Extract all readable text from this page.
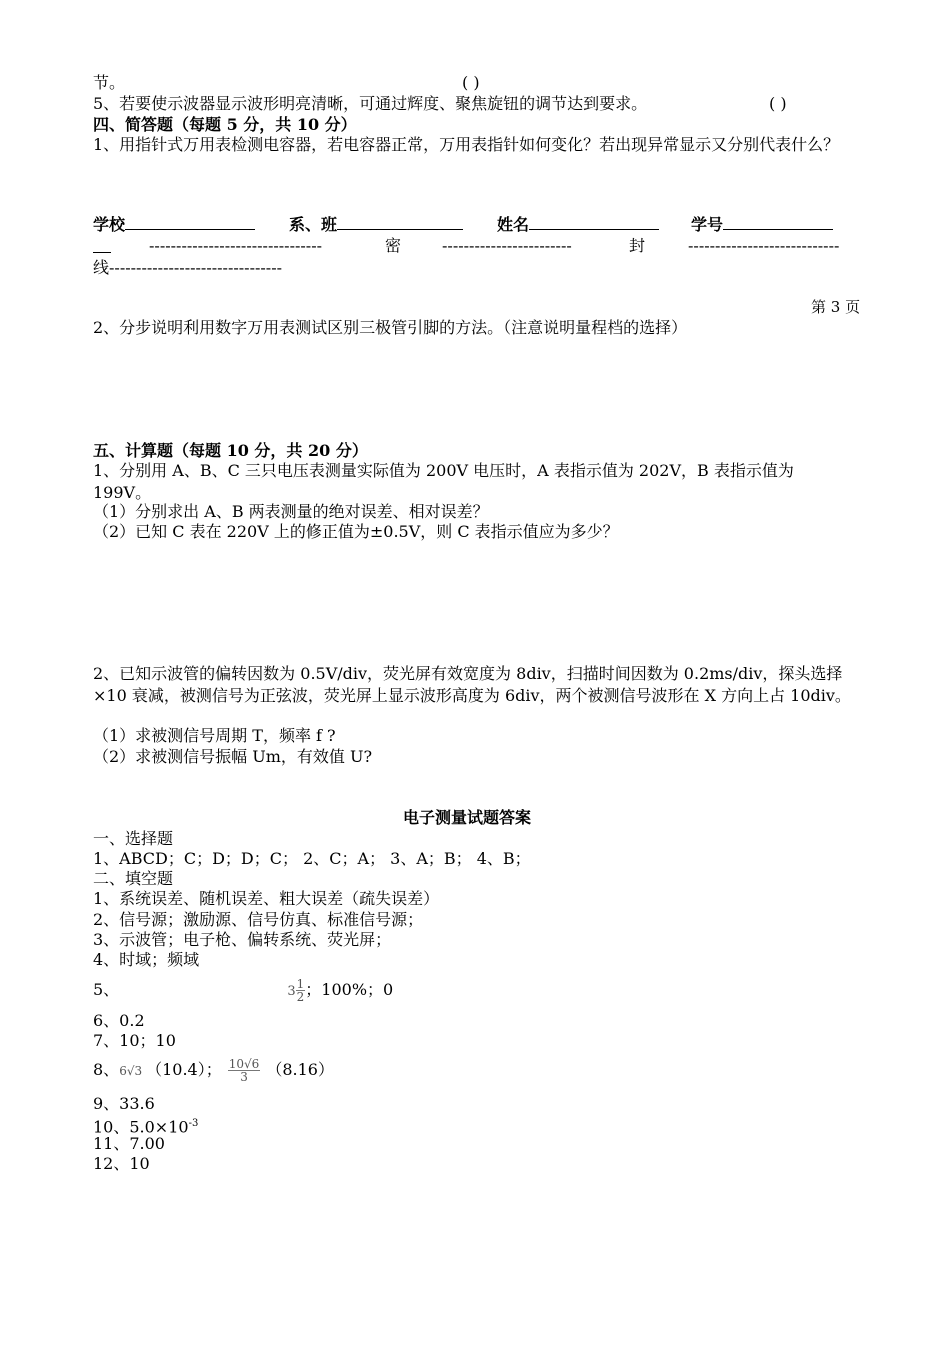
节。	( )
5、若要使示波器显示波形明亮清晰，可通过辉度、聚焦旋钮的调节达到要求。	( )
四、简答题（每题 5 分，共 10 分）
1、用指针式万用表检测电容器，若电容器正常，万用表指针如何变化？若出现异常显示又分别代表什么？
学校	系、班	姓名	学号
--------------------------------	密	------------------------	封	----------------------------
线--------------------------------
第 3 页
2、分步说明利用数字万用表测试区别三极管引脚的方法。（注意说明量程档的选择）
五、计算题（每题 10 分，共 20 分）
1、分别用 A、B、C 三只电压表测量实际值为 200V 电压时，A 表指示值为 202V，B 表指示值为 199V。
（1）分别求出 A、B 两表测量的绝对误差、相对误差？
（2）已知 C 表在 220V 上的修正值为±0.5V，则 C 表指示值应为多少？
2、已知示波管的偏转因数为 0.5V/div，荧光屏有效宽度为 8div，扫描时间因数为 0.2ms/div，探头选择×10 衰减，被测信号为正弦波，荧光屏上显示波形高度为 6div，两个被测信号波形在 X 方向上占 10div。
（1）求被测信号周期 T，频率 f ?
（2）求被测信号振幅 Um，有效值 U?
电子测量试题答案
一、选择题
1、ABCD；C；D；D；C； 2、C；A； 3、A；B； 4、B；
二、填空题
1、系统误差、随机误差、粗大误差（疏失误差）
2、信号源；激励源、信号仿真、标准信号源；
3、示波管；电子枪、偏转系统、荧光屏；
4、时域；频域
5、	$3 \frac{1}{2}$ ；100%；0
6、0.2
7、10；10
8、6√3 （10.4）； $\frac{10√6}{3} (8.16)$
9、33.6
10、$5.0\times 10^{-3}$
11、7.00
12、10
